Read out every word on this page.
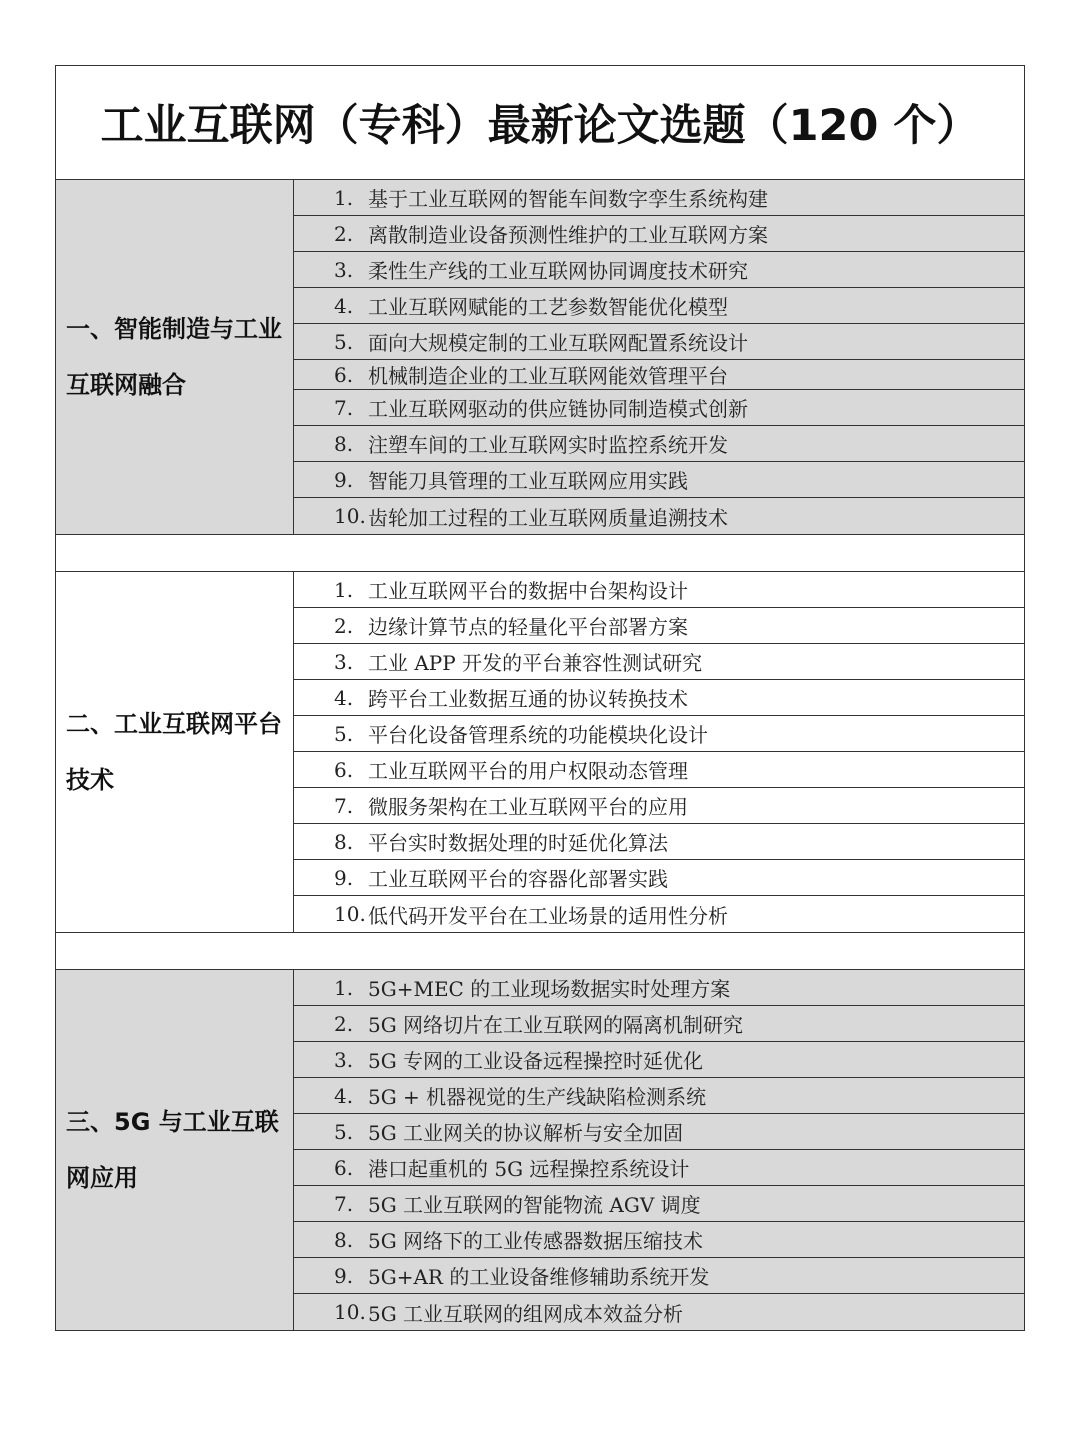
工业互联网（专科）最新论文选题（120 个）
一、智能制造与工业
互联网融合
1. 基于工业互联网的智能车间数字孪生系统构建
2. 离散制造业设备预测性维护的工业互联网方案
3. 柔性生产线的工业互联网协同调度技术研究
4. 工业互联网赋能的工艺参数智能优化模型
5. 面向大规模定制的工业互联网配置系统设计
6. 机械制造企业的工业互联网能效管理平台
7. 工业互联网驱动的供应链协同制造模式创新
8. 注塑车间的工业互联网实时监控系统开发
9. 智能刀具管理的工业互联网应用实践
10. 齿轮加工过程的工业互联网质量追溯技术
二、工业互联网平台
技术
1. 工业互联网平台的数据中台架构设计
2. 边缘计算节点的轻量化平台部署方案
3. 工业 APP 开发的平台兼容性测试研究
4. 跨平台工业数据互通的协议转换技术
5. 平台化设备管理系统的功能模块化设计
6. 工业互联网平台的用户权限动态管理
7. 微服务架构在工业互联网平台的应用
8. 平台实时数据处理的时延优化算法
9. 工业互联网平台的容器化部署实践
10. 低代码开发平台在工业场景的适用性分析
三、5G 与工业互联
网应用
1. 5G+MEC 的工业现场数据实时处理方案
2. 5G 网络切片在工业互联网的隔离机制研究
3. 5G 专网的工业设备远程操控时延优化
4. 5G + 机器视觉的生产线缺陷检测系统
5. 5G 工业网关的协议解析与安全加固
6. 港口起重机的 5G 远程操控系统设计
7. 5G 工业互联网的智能物流 AGV 调度
8. 5G 网络下的工业传感器数据压缩技术
9. 5G+AR 的工业设备维修辅助系统开发
10. 5G 工业互联网的组网成本效益分析
